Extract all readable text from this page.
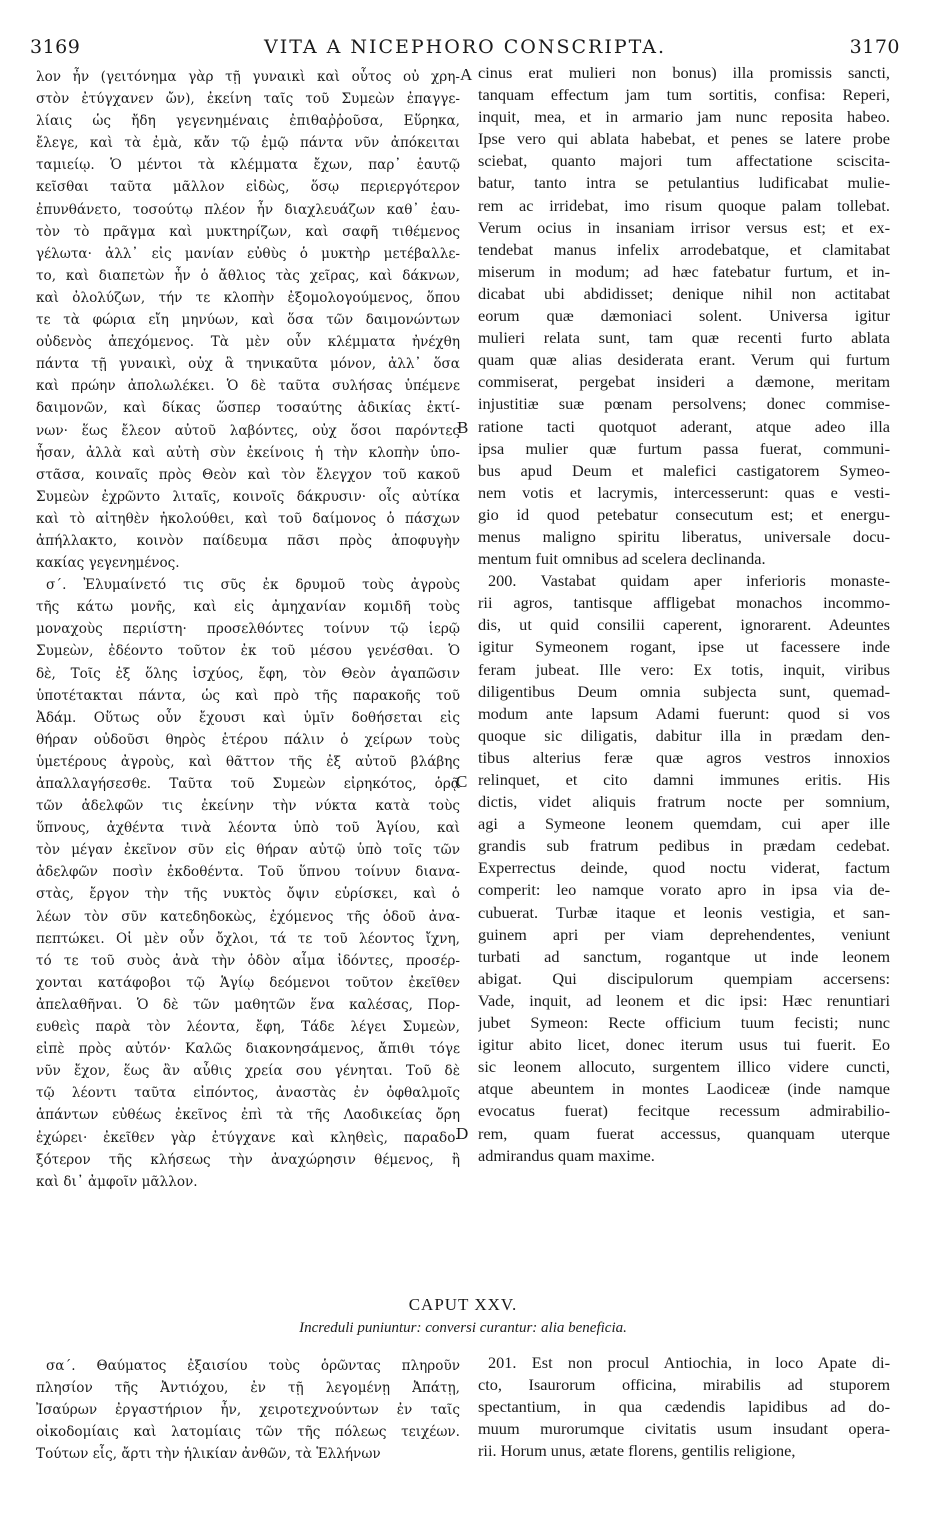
3169	VITA A NICEPHORO CONSCRIPTA.	3170
λον ἦν (γειτόνημα γὰρ τῇ γυναικὶ καὶ οὗτος οὐ χρη-
στὸν ἐτύγχανεν ὤν), ἐκείνη ταῖς τοῦ Συμεὼν ἐπαγγε-
λίαις ὡς ἤδη γεγενημέναις ἐπιθαῤῥοῦσα, Εὕρηκα,
ἔλεγε, καὶ τὰ ἐμὰ, κἄν τῷ ἐμῷ πάντα νῦν ἀπόκειται
ταμιείῳ. Ὁ μέντοι τὰ κλέμματα ἔχων, παρ᾽ ἑαυτῷ
κεῖσθαι ταῦτα μᾶλλον εἰδὼς, ὅσῳ περιεργότερον
ἐπυνθάνετο, τοσούτῳ πλέον ἦν διαχλευάζων καθ᾽ ἑαυ-
τὸν τὸ πρᾶγμα καὶ μυκτηρίζων, καὶ σαφῆ τιθέμενος
γέλωτα· ἀλλ᾽ εἰς μανίαν εὐθὺς ὁ μυκτὴρ μετέβαλλε-
το, καὶ διαπετὼν ἦν ὁ ἄθλιος τὰς χεῖρας, καὶ δάκνων,
καὶ ὀλολύζων, τήν τε κλοπὴν ἐξομολογούμενος, ὅπου
τε τὰ φώρια εἴη μηνύων, καὶ ὅσα τῶν δαιμονώντων
οὐδενὸς ἀπεχόμενος. Τὰ μὲν οὖν κλέμματα ἠνέχθη
πάντα τῇ γυναικὶ, οὐχ ἃ τηνικαῦτα μόνον, ἀλλ᾽ ὅσα
καὶ πρώην ἀπολωλέκει. Ὁ δὲ ταῦτα συλήσας ὑπέμενε
δαιμονῶν, καὶ δίκας ὥσπερ τοσαύτης ἀδικίας ἐκτί-
νων· ἕως ἔλεον αὐτοῦ λαβόντες, οὐχ ὅσοι παρόντες
ἦσαν, ἀλλὰ καὶ αὐτὴ σὺν ἐκείνοις ἡ τὴν κλοπὴν ὑπο-
στᾶσα, κοιναῖς πρὸς Θεὸν καὶ τὸν ἔλεγχον τοῦ κακοῦ
Συμεὼν ἐχρῶντο λιταῖς, κοινοῖς δάκρυσιν· οἷς αὐτίκα
καὶ τὸ αἰτηθὲν ἠκολούθει, καὶ τοῦ δαίμονος ὁ πάσχων
ἀπήλλακτο, κοινὸν παίδευμα πᾶσι πρὸς ἀποφυγὴν
κακίας γεγενημένος.
σ΄. Ἐλυμαίνετό τις σῦς ἐκ δρυμοῦ τοὺς ἀγροὺς
τῆς κάτω μονῆς, καὶ εἰς ἀμηχανίαν κομιδῆ τοὺς
μοναχοὺς περιίστη· προσελθόντες τοίνυν τῷ ἱερῷ
Συμεὼν, ἐδέοντο τοῦτον ἐκ τοῦ μέσου γενέσθαι. Ὁ
δὲ, Τοῖς ἐξ ὅλης ἰσχύος, ἔφη, τὸν Θεὸν ἀγαπῶσιν
ὑποτέτακται πάντα, ὡς καὶ πρὸ τῆς παρακοῆς τοῦ
Ἀδάμ. Οὕτως οὖν ἔχουσι καὶ ὑμῖν δοθήσεται εἰς
θήραν οὐδοῦσι θηρὸς ἑτέρου πάλιν ὁ χείρων τοὺς
ὑμετέρους ἀγροὺς, καὶ θᾶττον τῆς ἐξ αὐτοῦ βλάβης
ἀπαλλαγήσεσθε. Ταῦτα τοῦ Συμεὼν εἰρηκότος, ὁρᾷ
τῶν ἀδελφῶν τις ἐκείνην τὴν νύκτα κατὰ τοὺς
ὕπνους, ἀχθέντα τινὰ λέοντα ὑπὸ τοῦ Ἁγίου, καὶ
τὸν μέγαν ἐκεῖνον σῦν εἰς θήραν αὐτῷ ὑπὸ τοῖς τῶν
ἀδελφῶν ποσὶν ἐκδοθέντα. Τοῦ ὕπνου τοίνυν διανα-
στὰς, ἔργον τὴν τῆς νυκτὸς ὄψιν εὑρίσκει, καὶ ὁ
λέων τὸν σῦν κατεδηδοκὼς, ἐχόμενος τῆς ὁδοῦ ἀνα-
πεπτώκει. Οἱ μὲν οὖν ὄχλοι, τά τε τοῦ λέοντος ἴχνη,
τό τε τοῦ συὸς ἀνὰ τὴν ὁδὸν αἷμα ἰδόντες, προσέρ-
χονται κατάφοβοι τῷ Ἁγίῳ δεόμενοι τοῦτον ἐκεῖθεν
ἀπελαθῆναι. Ὁ δὲ τῶν μαθητῶν ἕνα καλέσας, Πορ-
ευθεὶς παρὰ τὸν λέοντα, ἔφη, Τάδε λέγει Συμεὼν,
εἰπὲ πρὸς αὐτόν· Καλῶς διακονησάμενος, ἄπιθι τόγε
νῦν ἔχον, ἕως ἂν αὖθις χρεία σου γένηται. Τοῦ δὲ
τῷ λέοντι ταῦτα εἰπόντος, ἀναστὰς ἐν ὀφθαλμοῖς
ἁπάντων εὐθέως ἐκεῖνος ἐπὶ τὰ τῆς Λαοδικείας ὄρη
ἐχώρει· ἐκεῖθεν γὰρ ἐτύγχανε καὶ κληθεὶς, παραδο-
ξότερον τῆς κλήσεως τὴν ἀναχώρησιν θέμενος, ἢ
καὶ δι᾽ ἀμφοῖν μᾶλλον.
cinus erat mulieri non bonus) illa promissis sancti,
tanquam effectum jam tum sortitis, confisa: Reperi,
inquit, mea, et in armario jam nunc reposita habeo.
Ipse vero qui ablata habebat, et penes se latere probe
sciebat, quanto majori tum affectatione sciscita-
batur, tanto intra se petulantius ludificabat mulie-
rem ac irridebat, imo risum quoque palam tollebat.
Verum ocius in insaniam irrisor versus est; et ex-
tendebat manus infelix arrodebatque, et clamitabat
miserum in modum; ad hæc fatebatur furtum, et in-
dicabat ubi abdidisset; denique nihil non actitabat
eorum quæ dæmoniaci solent. Universa igitur
mulieri relata sunt, tam quæ recenti furto ablata
quam quæ alias desiderata erant. Verum qui furtum
commiserat, pergebat insideri a dæmone, meritam
injustitiæ suæ pœnam persolvens; donec commise-
ratione tacti quotquot aderant, atque adeo illa
ipsa mulier quæ furtum passa fuerat, communi-
bus apud Deum et malefici castigatorem Symeo-
nem votis et lacrymis, intercesserunt: quas e vesti-
gio id quod petebatur consecutum est; et energu-
menus maligno spiritu liberatus, universale docu-
mentum fuit omnibus ad scelera declinanda.
200. Vastabat quidam aper inferioris monaste-
rii agros, tantisque affligebat monachos incommo-
dis, ut quid consilii caperent, ignorarent. Adeuntes
igitur Symeonem rogant, ipse ut facessere inde
feram jubeat. Ille vero: Ex totis, inquit, viribus
diligentibus Deum omnia subjecta sunt, quemad-
modum ante lapsum Adami fuerunt: quod si vos
quoque sic diligatis, dabitur illa in prædam den-
tibus alterius feræ quæ agros vestros innoxios
relinquet, et cito damni immunes eritis. His
dictis, videt aliquis fratrum nocte per somnium,
agi a Symeone leonem quemdam, cui aper ille
grandis sub fratrum pedibus in prædam cedebat.
Experrectus deinde, quod noctu viderat, factum
comperit: leo namque vorato apro in ipsa via de-
cubuerat. Turbæ itaque et leonis vestigia, et san-
guinem apri per viam deprehendentes, veniunt
turbati ad sanctum, rogantque ut inde leonem
abigat. Qui discipulorum quempiam accersens:
Vade, inquit, ad leonem et dic ipsi: Hæc renuntiari
jubet Symeon: Recte officium tuum fecisti; nunc
igitur abito licet, donec iterum usus tui fuerit. Eo
sic leonem allocuto, surgentem illico videre cuncti,
atque abeuntem in montes Laodiceæ (inde namque
evocatus fuerat) fecitque recessum admirabilio-
rem, quam fuerat accessus, quanquam uterque
admirandus quam maxime.
A
B
C
D
CAPUT XXV.
Increduli puniuntur: conversi curantur: alia beneficia.
σα΄. Θαύματος ἐξαισίου τοὺς ὁρῶντας πληροῦν
πλησίον τῆς Ἀντιόχου, ἐν τῇ λεγομένῃ Ἀπάτῃ,
Ἰσαύρων ἐργαστήριον ἦν, χειροτεχνούντων ἐν ταῖς
οἰκοδομίαις καὶ λατομίαις τῶν τῆς πόλεως τειχέων.
Τούτων εἷς, ἄρτι τὴν ἡλικίαν ἀνθῶν, τὰ Ἑλλήνων
201. Est non procul Antiochia, in loco Apate di-
cto, Isaurorum officina, mirabilis ad stuporem
spectantium, in qua cædendis lapidibus ad do-
muum murorumque civitatis usum insudant opera-
rii. Horum unus, ætate florens, gentilis religione,
